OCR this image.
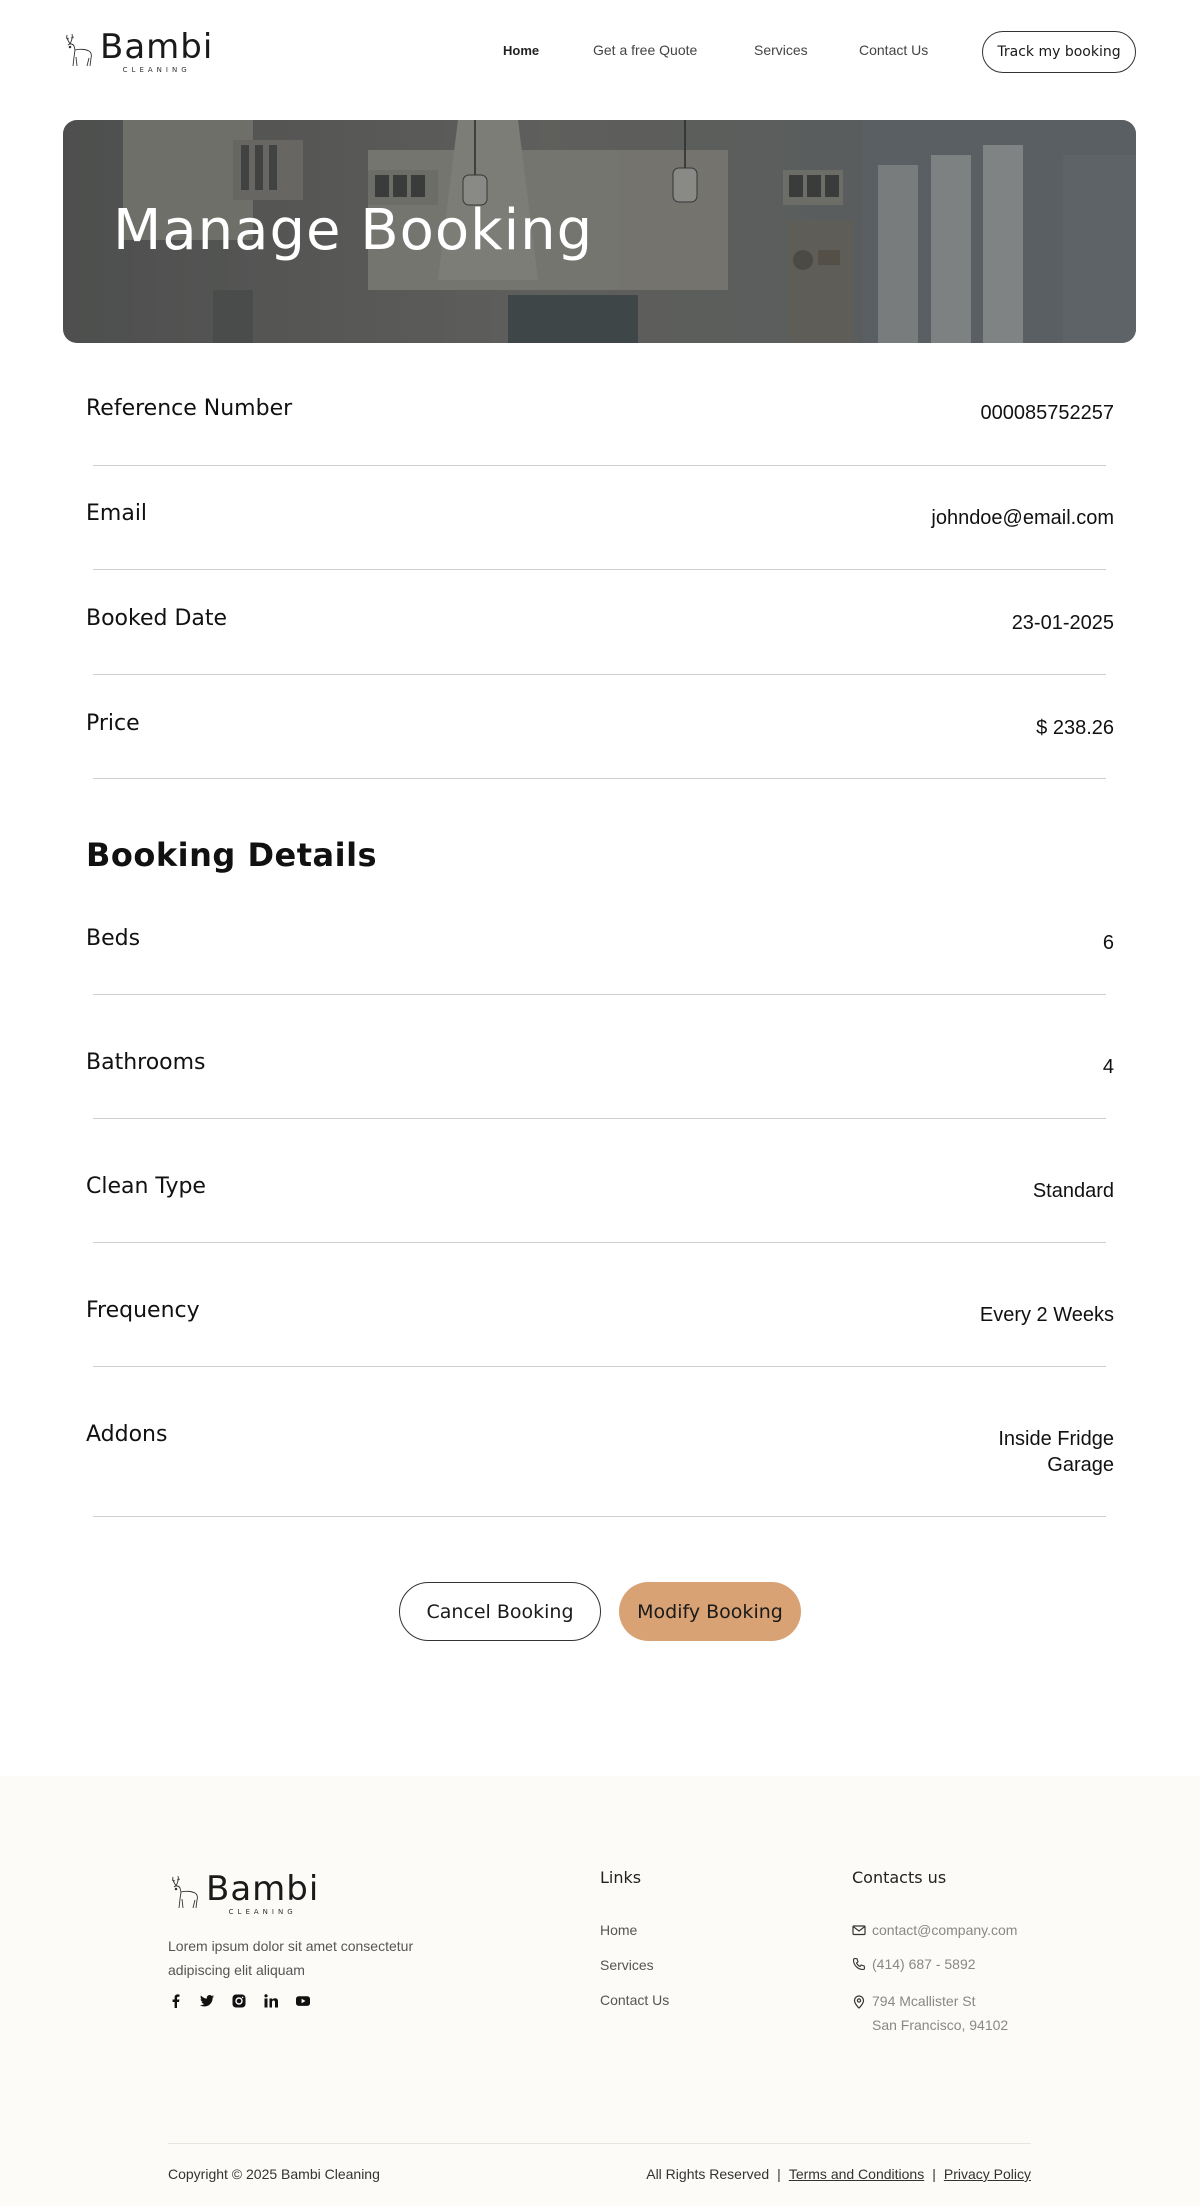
Bambi
CLEANING
Home	Get a free Quote	Services	Contact Us	Track my booking
Manage Booking
Reference Number	000085752257
Email	johndoe@email.com
Booked Date	23-01-2025
Price	$ 238.26
Booking Details
Beds	6
Bathrooms	4
Clean Type	Standard
Frequency	Every 2 Weeks
Addons	Inside Fridge
Garage
Cancel Booking	Modify Booking
Bambi
CLEANING

Lorem ipsum dolor sit amet consectetur adipiscing elit aliquam

Links
Home
Services
Contact Us
Contacts us
contact@company.com
(414) 687 - 5892
794 Mcallister St
San Francisco, 94102
Copyright © 2025 Bambi Cleaning	All Rights Reserved | Terms and Conditions | Privacy Policy
